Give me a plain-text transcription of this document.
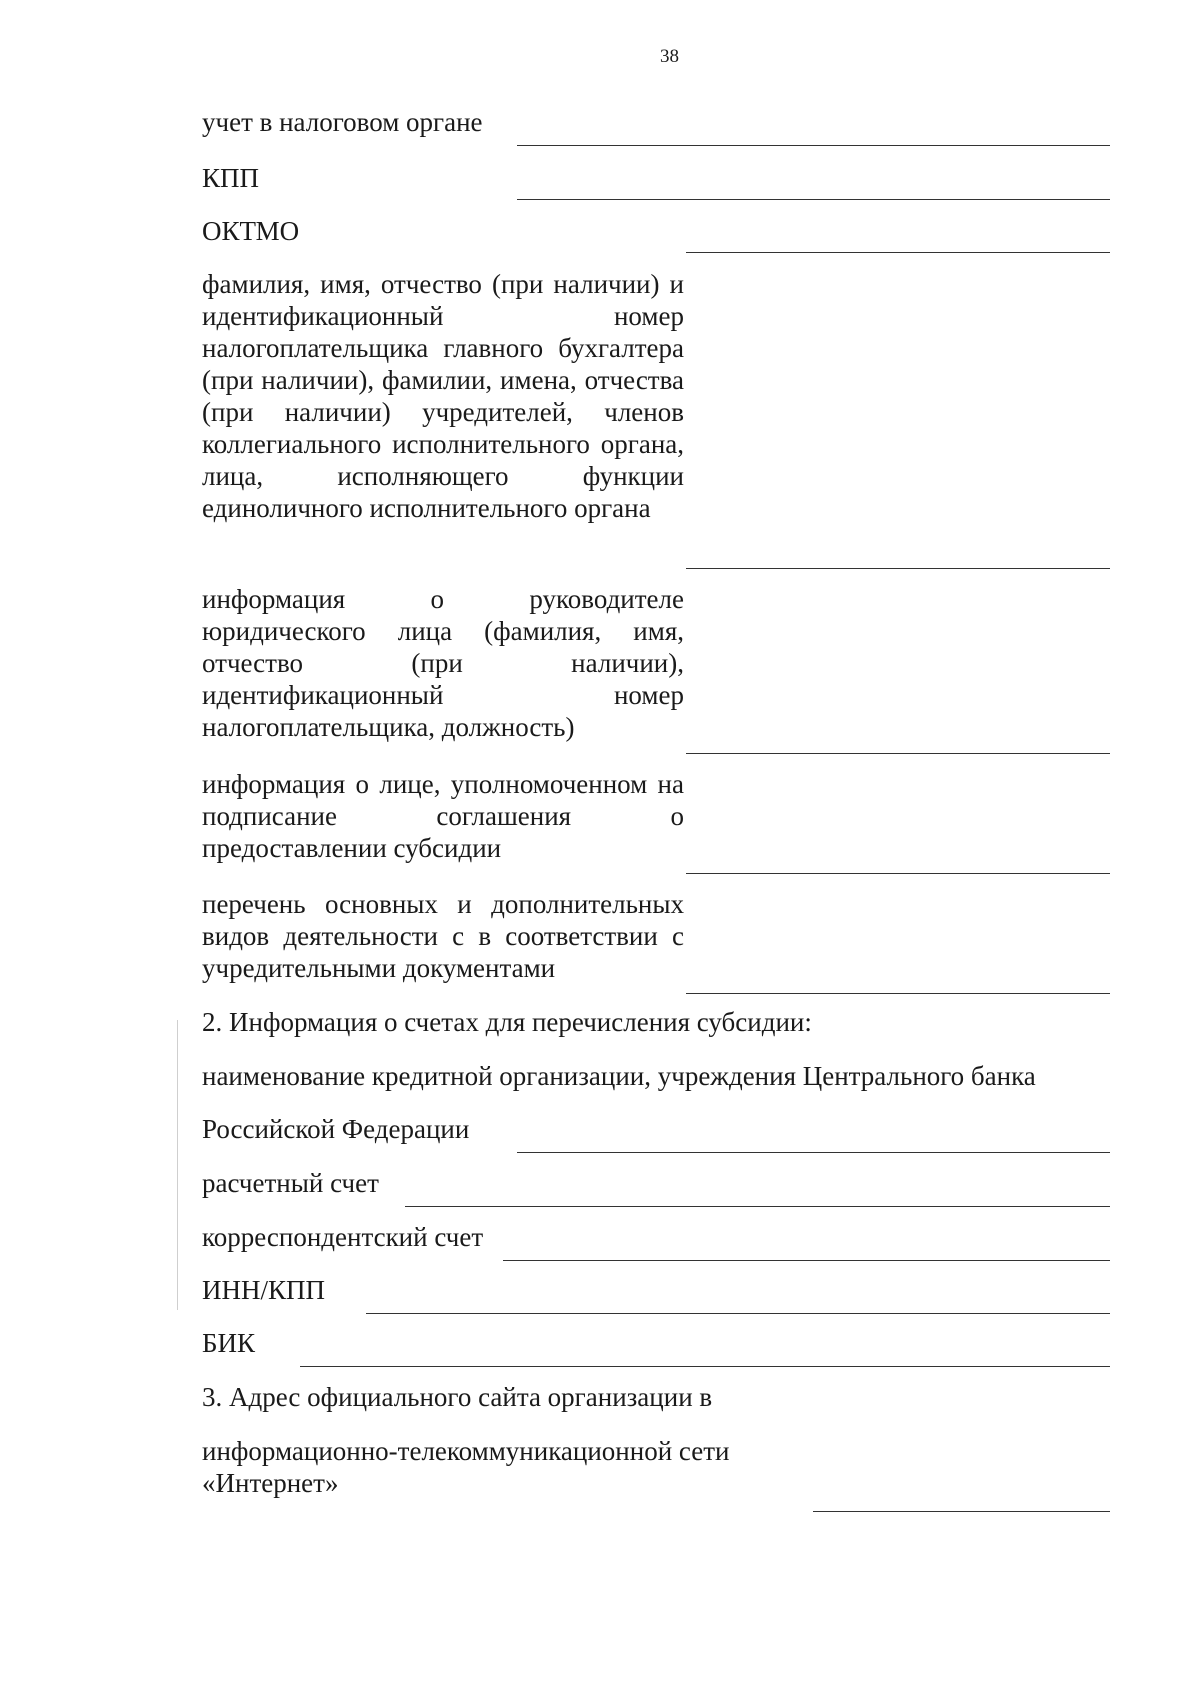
38
учет в налоговом органе
КПП
ОКТМО
фамилия, имя, отчество (при наличии) и идентификационный номер налогоплательщика главного бухгалтера (при наличии), фамилии, имена, отчества (при наличии) учредителей, членов коллегиального исполнительного органа, лица, исполняющего функции единоличного исполнительного органа
информация о руководителе юридического лица (фамилия, имя, отчество (при наличии), идентификационный номер налогоплательщика, должность)
информация о лице, уполномоченном на подписание соглашения о предоставлении субсидии
перечень основных и дополнительных видов деятельности с в соответствии с учредительными документами
2. Информация о счетах для перечисления субсидии:
наименование кредитной организации, учреждения Центрального банка
Российской Федерации
расчетный счет
корреспондентский счет
ИНН/КПП
БИК
3. Адрес официального сайта организации в
информационно-телекоммуникационной сети «Интернет»
